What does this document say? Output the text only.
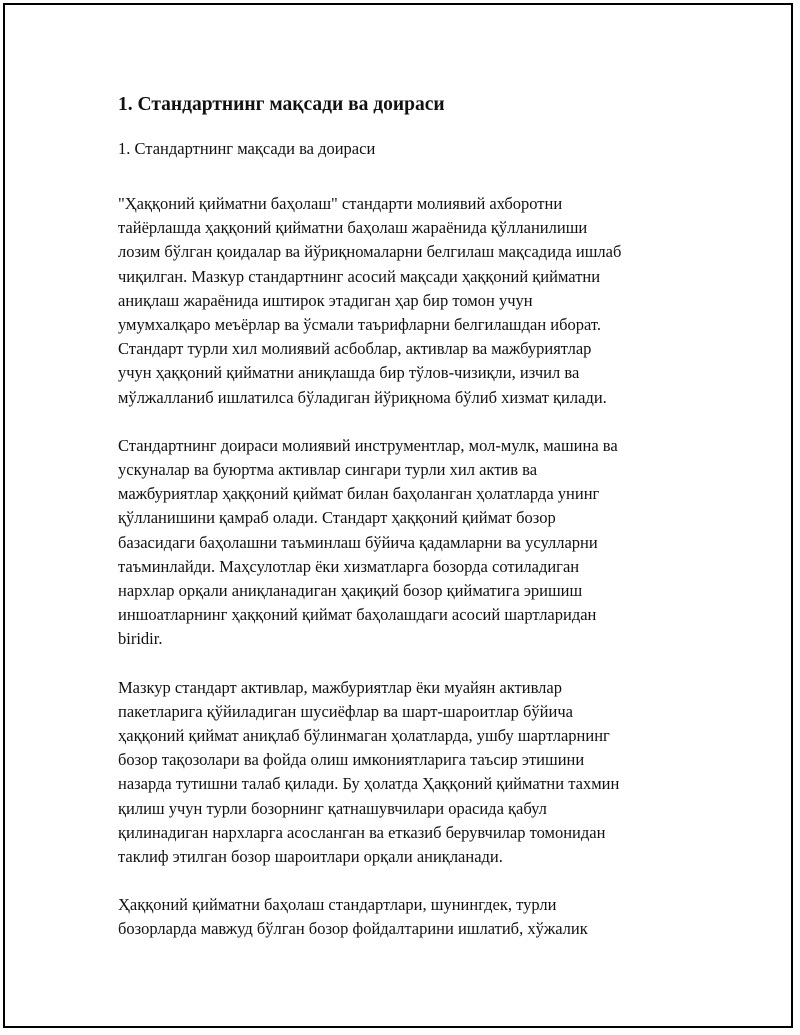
1. Стандартнинг мақсади ва доираси
1. Стандартнинг мақсади ва доираси
"Ҳаққоний қийматни баҳолаш" стандарти молиявий ахборотни
тайёрлашда ҳаққоний қийматни баҳолаш жараёнида қўлланилиши
лозим бўлган қоидалар ва йўриқномаларни белгилаш мақсадида ишлаб
чиқилган. Мазкур стандартнинг асосий мақсади ҳаққоний қийматни
аниқлаш жараёнида иштирок этадиган ҳар бир томон учун
умумхалқаро меъёрлар ва ўсмали таърифларни белгилашдан иборат.
Стандарт турли хил молиявий асбоблар, активлар ва мажбуриятлар
учун ҳаққоний қийматни аниқлашда бир тўлов-чизиқли, изчил ва
мўлжалланиб ишлатилса бўладиган йўриқнома бўлиб хизмат қилади.
Стандартнинг доираси молиявий инструментлар, мол-мулк, машина ва
ускуналар ва буюртма активлар сингари турли хил актив ва
мажбуриятлар ҳаққоний қиймат билан баҳоланган ҳолатларда унинг
қўлланишини қамраб олади. Стандарт ҳаққоний қиймат бозор
базасидаги баҳолашни таъминлаш бўйича қадамларни ва усулларни
таъминлайди. Маҳсулотлар ёки хизматларга бозорда сотиладиган
нархлар орқали аниқланадиган ҳақиқий бозор қийматига эришиш
иншоатларнинг ҳаққоний қиймат баҳолашдаги асосий шартларидан
biridir.
Мазкур стандарт активлар, мажбуриятлар ёки муайян активлар
пакетларига қўйиладиган шусиёфлар ва шарт-шароитлар бўйича
ҳаққоний қиймат аниқлаб бўлинмаган ҳолатларда, ушбу шартларнинг
бозор тақозолари ва фойда олиш имкониятларига таъсир этишини
назарда тутишни талаб қилади. Бу ҳолатда Ҳаққоний қийматни тахмин
қилиш учун турли бозорнинг қатнашувчилари орасида қабул
қилинадиган нархларга асосланган ва етказиб берувчилар томонидан
таклиф этилган бозор шароитлари орқали аниқланади.
Ҳаққоний қийматни баҳолаш стандартлари, шунингдек, турли
бозорларда мавжуд бўлган бозор фойдалтарини ишлатиб, хўжалик
